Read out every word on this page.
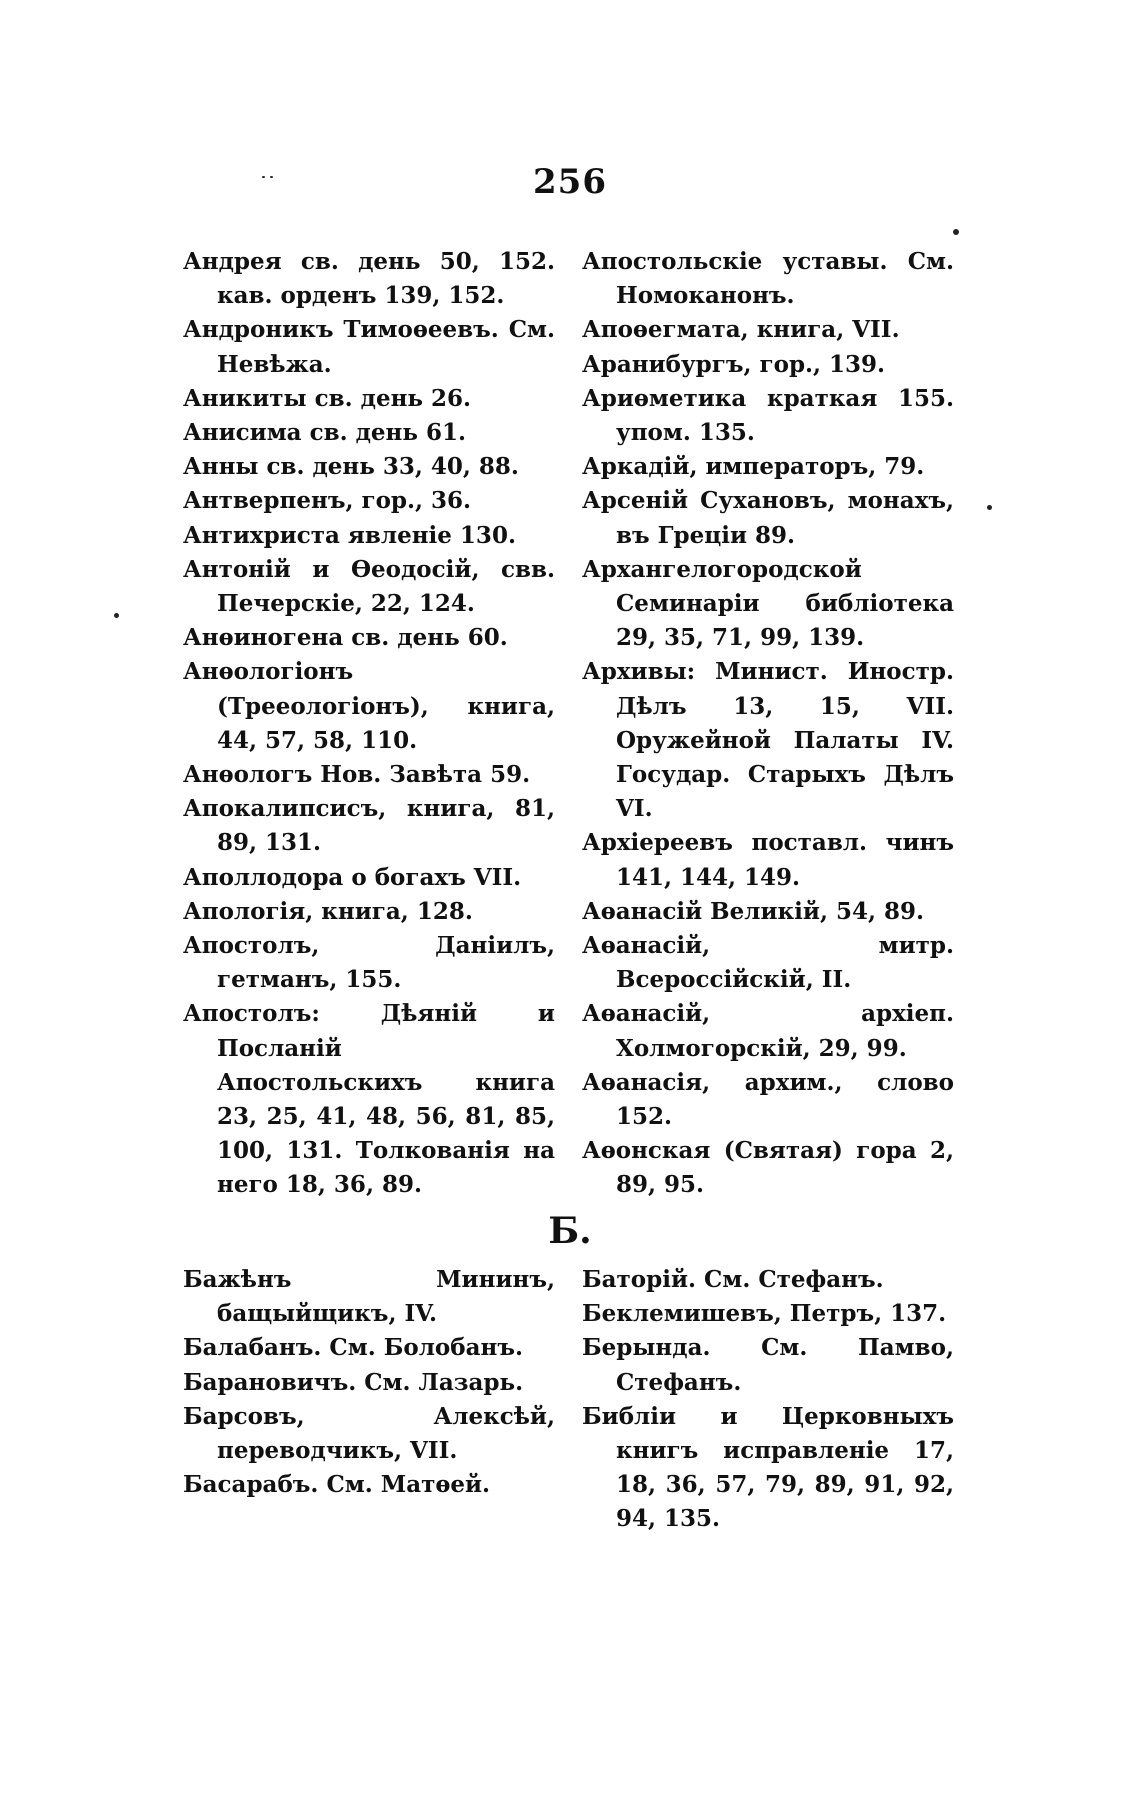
256

Андрея св. день 50, 152. кав. орденъ 139, 152.

Андроникъ Тимоѳеевъ. См. Невѣжа.

Аникиты св. день 26.

Анисима св. день 61.

Анны св. день 33, 40, 88.

Антверпенъ, гор., 36.

Антихриста явленіе 130.

Антоній и Ѳеодосій, свв. Печерскіе, 22, 124.

Анѳиногена св. день 60.

Анѳологіонъ (Трееологіонъ), книга, 44, 57, 58, 110.

Анѳологъ Нов. Завѣта 59.

Апокалипсисъ, книга, 81, 89, 131.

Аполлодора о богахъ VII.

Апологія, книга, 128.

Апостолъ, Даніилъ, гетманъ, 155.

Апостолъ: Дѣяній и Посланій Апостольскихъ книга 23, 25, 41, 48, 56, 81, 85, 100, 131. Толкованія на него 18, 36, 89.

Апостольскіе уставы. См. Номоканонъ.

Апоѳегмата, книга, VII.

Аранибургъ, гор., 139.

Ариѳметика краткая 155. упом. 135.

Аркадій, императоръ, 79.

Арсеній Сухановъ, монахъ, въ Греціи 89.

Архангелогородской Семинаріи библіотека 29, 35, 71, 99, 139.

Архивы: Минист. Иностр. Дѣлъ 13, 15, VII. Оружейной Палаты IV. Государ. Старыхъ Дѣлъ VI.

Архіереевъ поставл. чинъ 141, 144, 149.

Аѳанасій Великій, 54, 89.

Аѳанасій, митр. Всероссійскій, II.

Аѳанасій, архіеп. Холмогорскій, 29, 99.

Аѳанасія, архим., слово 152.

Аѳонская (Святая) гора 2, 89, 95.

Б.

Бажѣнъ Мининъ, бащыйщикъ, IV.

Балабанъ. См. Болобанъ.

Барановичъ. См. Лазарь.

Барсовъ, Алексѣй, переводчикъ, VII.

Басарабъ. См. Матѳей.

Баторій. См. Стефанъ.

Беклемишевъ, Петръ, 137.

Берында. См. Памво, Стефанъ.

Библіи и Церковныхъ книгъ исправленіе 17, 18, 36, 57, 79, 89, 91, 92, 94, 135.
